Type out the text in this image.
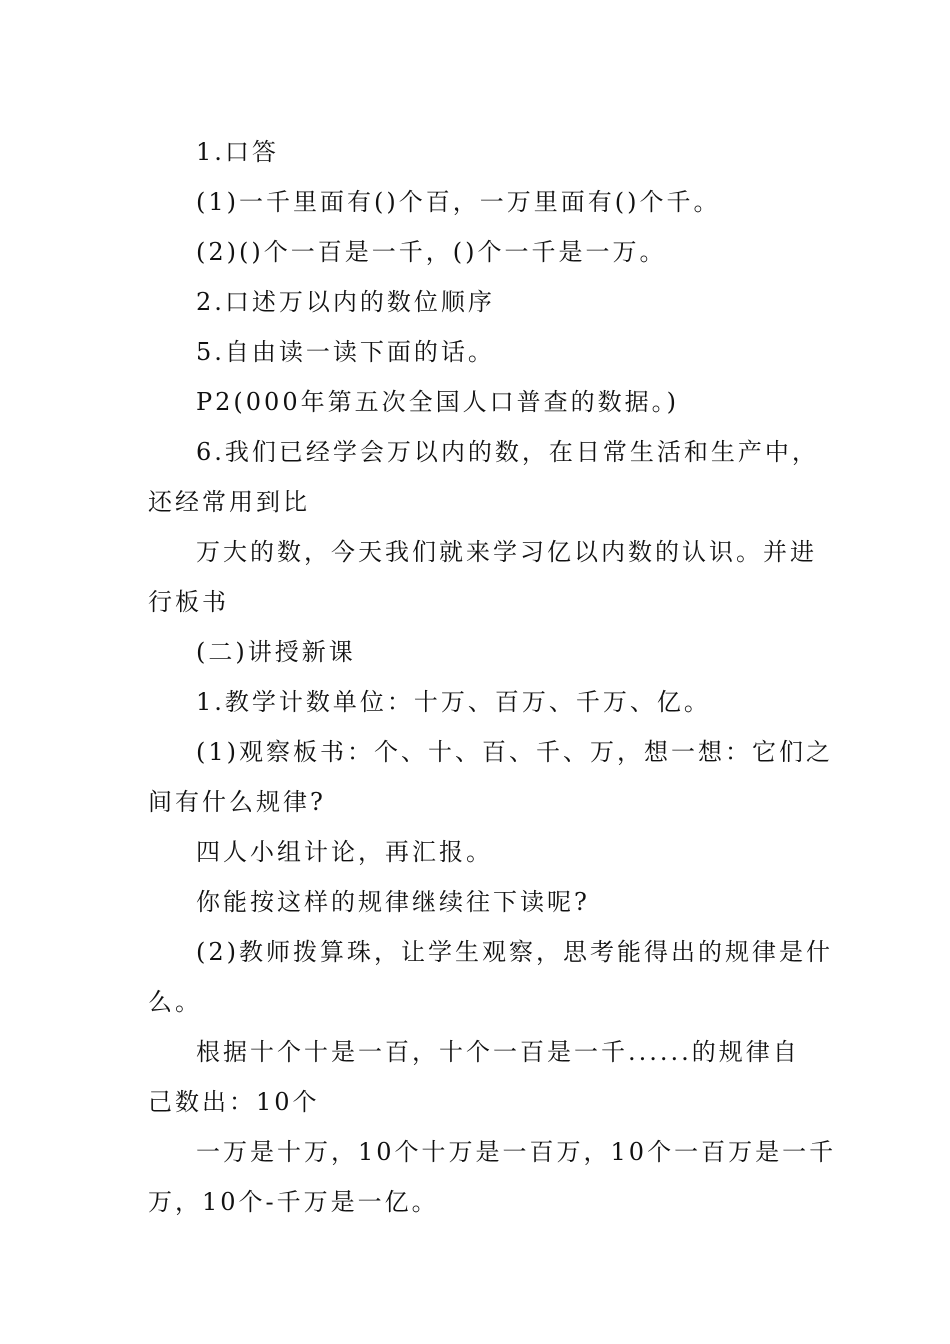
1.口答
(1)一千里面有()个百，一万里面有()个千。
(2)()个一百是一千，()个一千是一万。
2.口述万以内的数位顺序
5.自由读一读下面的话。
P2(000年第五次全国人口普查的数据。)
6.我们已经学会万以内的数，在日常生活和生产中，
还经常用到比
万大的数，今天我们就来学习亿以内数的认识。并进
行板书
(二)讲授新课
1.教学计数单位：十万、百万、千万、亿。
(1)观察板书：个、十、百、千、万，想一想：它们之
间有什么规律?
四人小组计论，再汇报。
你能按这样的规律继续往下读呢?
(2)教师拨算珠，让学生观察，思考能得出的规律是什
么。
根据十个十是一百，十个一百是一千......的规律自
己数出：10个
一万是十万，10个十万是一百万，10个一百万是一千
万，10个-千万是一亿。
